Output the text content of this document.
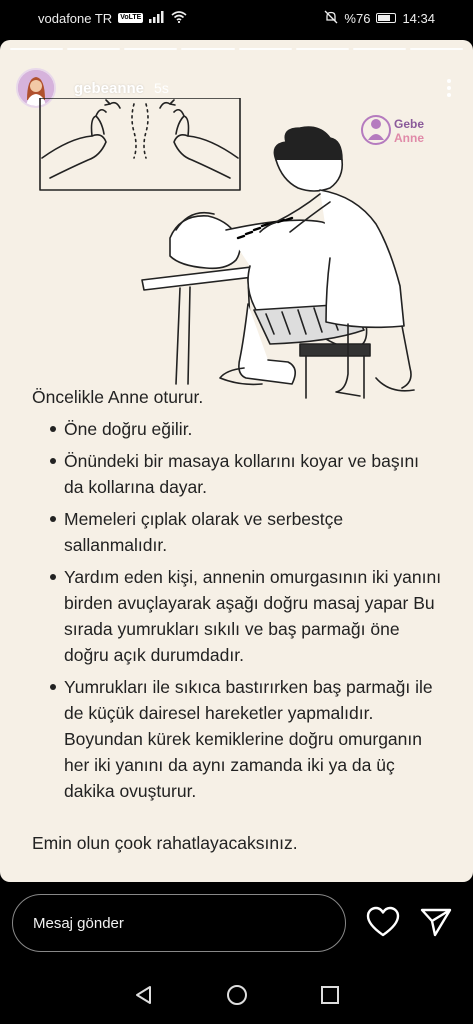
vodafone TR VoLTE	%76 14:34
gebeanne 5s
Gebe
Anne

Öncelikle Anne oturur.

Öne doğru eğilir.
Önündeki bir masaya kollarını koyar ve başını da kollarına dayar.
Memeleri çıplak olarak ve serbestçe sallanmalıdır.
Yardım eden kişi, annenin omurgasının iki yanını birden avuçlayarak aşağı doğru masaj yapar Bu sırada yumrukları sıkılı ve baş parmağı öne doğru açık durumdadır.
Yumrukları ile sıkıca bastırırken baş parmağı ile de küçük dairesel hareketler yapmalıdır. Boyundan kürek kemiklerine doğru omurganın her iki yanını da aynı zamanda iki ya da üç dakika ovuşturur.

Emin olun çook rahatlayacaksınız.

Mesaj gönder
